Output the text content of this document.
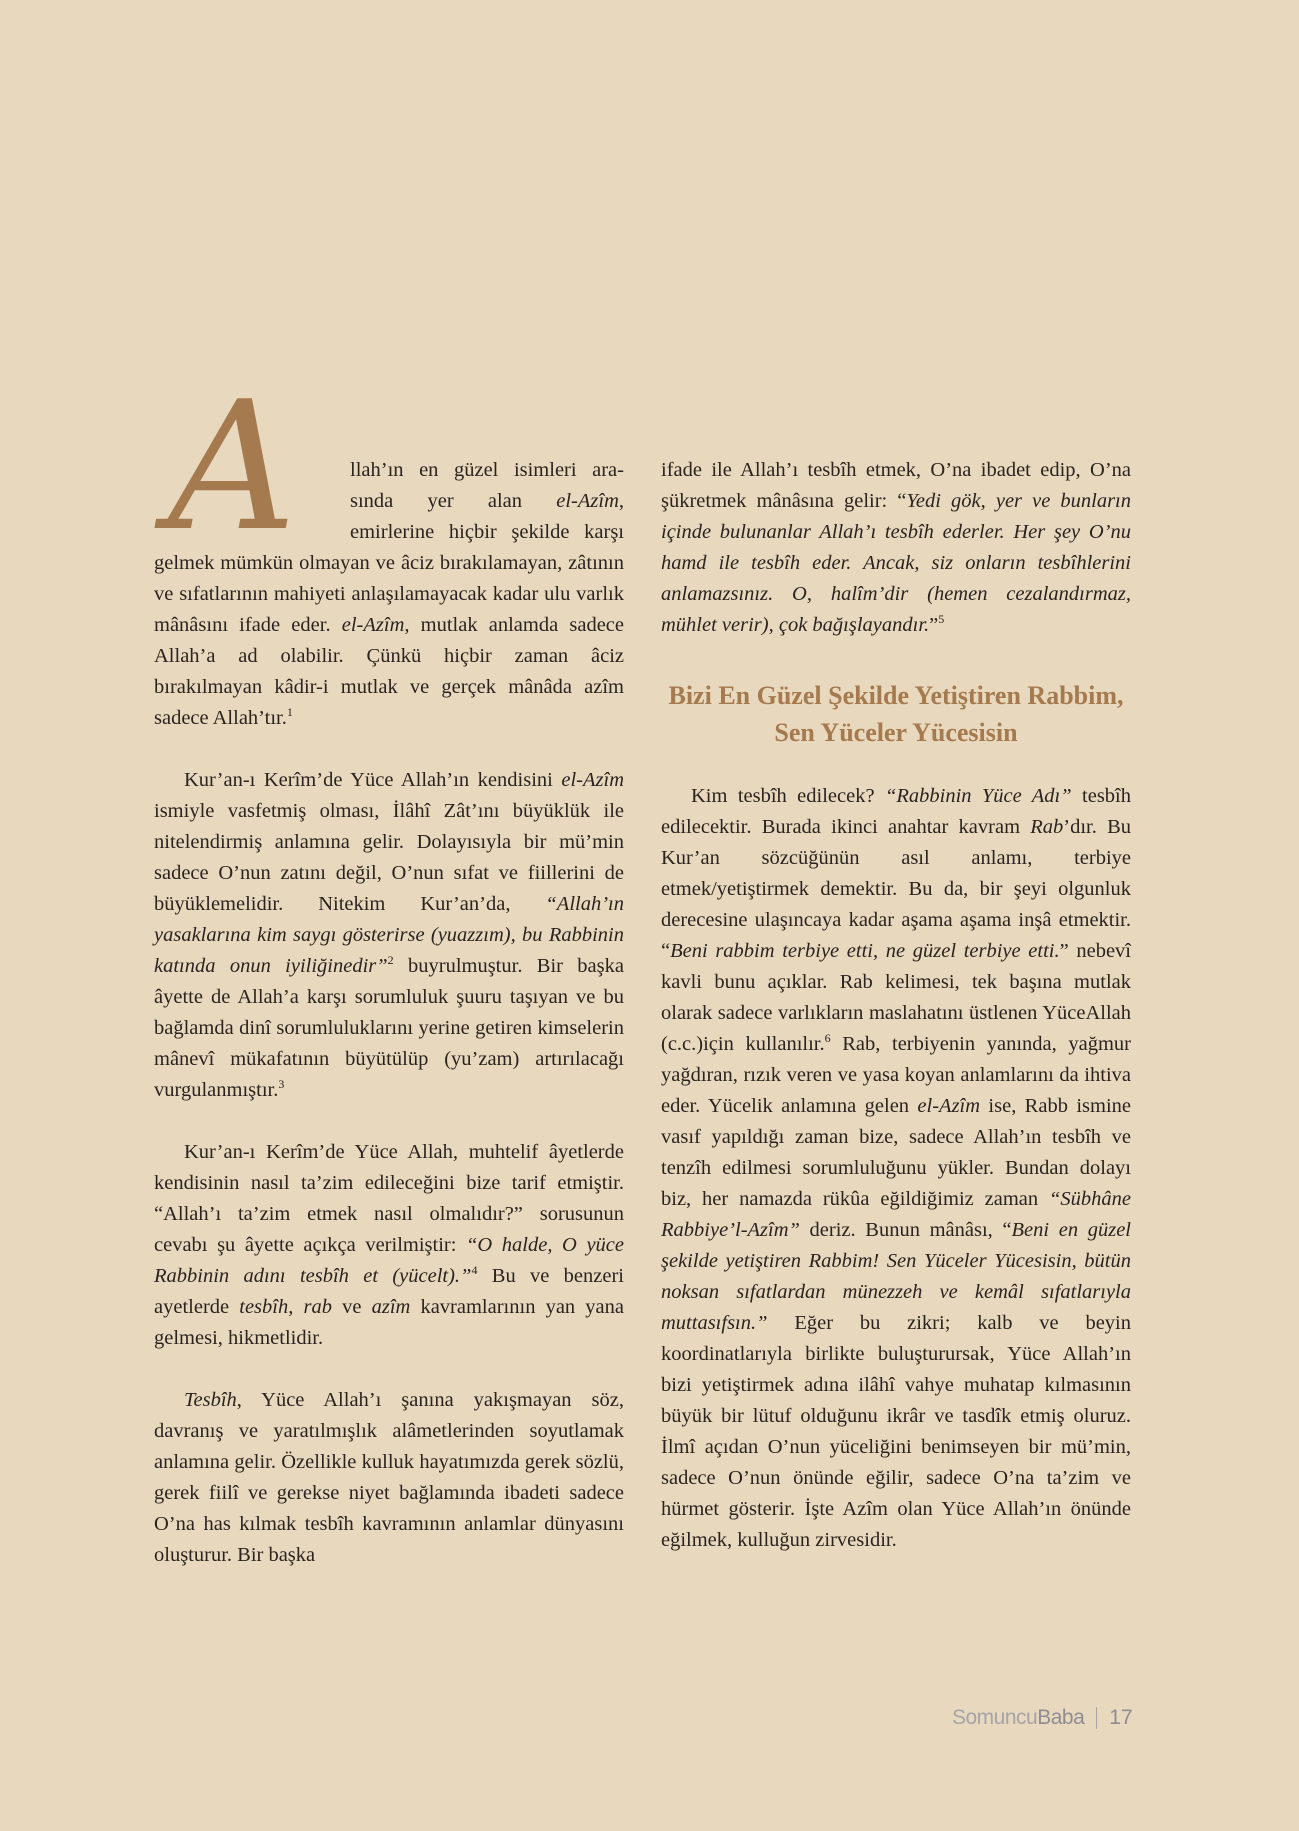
A	llah’ın en güzel isimleri ara-sında yer alan el-Azîm, emirlerine hiçbir şekilde karşı gelmek mümkün olmayan ve âciz bırakılamayan, zâtının ve sıfatlarının mahiyeti anlaşılamayacak kadar ulu varlık mânâsını ifade eder. el-Azîm, mutlak anlamda sadece Allah’a ad olabilir. Çünkü hiçbir zaman âciz bırakılmayan kâdir-i mutlak ve gerçek mânâda azîm sadece Allah’tır.$^1$

Kur’an-ı Kerîm’de Yüce Allah’ın kendisini el-Azîm ismiyle vasfetmiş olması, İlâhî Zât’ını büyüklük ile nitelendirmiş anlamına gelir. Dolayısıyla bir mü’min sadece O’nun zatını değil, O’nun sıfat ve fiillerini de büyüklemelidir. Nitekim Kur’an’da, “Allah’ın yasaklarına kim saygı gösterirse (yuazzım), bu Rabbinin katında onun iyiliğinedir”$^2$ buyrulmuştur. Bir başka âyette de Allah’a karşı sorumluluk şuuru taşıyan ve bu bağlamda dinî sorumluluklarını yerine getiren kimselerin mânevî mükafatının büyütülüp (yu’zam) artırılacağı vurgulanmıştır.$^3$

Kur’an-ı Kerîm’de Yüce Allah, muhtelif âyetlerde kendisinin nasıl ta’zim edileceğini bize tarif etmiştir. “Allah’ı ta’zim etmek nasıl olmalıdır?” sorusunun cevabı şu âyette açıkça verilmiştir: “O halde, O yüce Rabbinin adını tesbîh et (yücelt).”$^4$ Bu ve benzeri ayetlerde tesbîh, rab ve azîm kavramlarının yan yana gelmesi, hikmetlidir.

Tesbîh, Yüce Allah’ı şanına yakışmayan söz, davranış ve yaratılmışlık alâmetlerinden soyutlamak anlamına gelir. Özellikle kulluk hayatımızda gerek sözlü, gerek fiilî ve gerekse niyet bağlamında ibadeti sadece O’na has kılmak tesbîh kavramının anlamlar dünyasını oluşturur. Bir başka

ifade ile Allah’ı tesbîh etmek, O’na ibadet edip, O’na şükretmek mânâsına gelir: “Yedi gök, yer ve bunların içinde bulunanlar Allah’ı tesbîh ederler. Her şey O’nu hamd ile tesbîh eder. Ancak, siz onların tesbîhlerini anlamazsınız. O, halîm’dir (hemen cezalandırmaz, mühlet verir), çok bağışlayandır.”$^5$

Bizi En Güzel Şekilde Yetiştiren Rabbim, Sen Yüceler Yücesisin

Kim tesbîh edilecek? “Rabbinin Yüce Adı” tesbîh edilecektir. Burada ikinci anahtar kavram Rab’dır. Bu Kur’an sözcüğünün asıl anlamı, terbiye etmek/yetiştirmek demektir. Bu da, bir şeyi olgunluk derecesine ulaşıncaya kadar aşama aşama inşâ etmektir. “Beni rabbim terbiye etti, ne güzel terbiye etti.” nebevî kavli bunu açıklar. Rab kelimesi, tek başına mutlak olarak sadece varlıkların maslahatını üstlenen YüceAllah (c.c.)için kullanılır.$^6$ Rab, terbiyenin yanında, yağmur yağdıran, rızık veren ve yasa koyan anlamlarını da ihtiva eder. Yücelik anlamına gelen el-Azîm ise, Rabb ismine vasıf yapıldığı zaman bize, sadece Allah’ın tesbîh ve tenzîh edilmesi sorumluluğunu yükler. Bundan dolayı biz, her namazda rükûa eğildiğimiz zaman “Sübhâne Rabbiye’l-Azîm” deriz. Bunun mânâsı, “Beni en güzel şekilde yetiştiren Rabbim! Sen Yüceler Yücesisin, bütün noksan sıfatlardan münezzeh ve kemâl sıfatlarıyla muttasıfsın.” Eğer bu zikri; kalb ve beyin koordinatlarıyla birlikte buluşturursak, Yüce Allah’ın bizi yetiştirmek adına ilâhî vahye muhatap kılmasının büyük bir lütuf olduğunu ikrâr ve tasdîk etmiş oluruz. İlmî açıdan O’nun yüceliğini benimseyen bir mü’min, sadece O’nun önünde eğilir, sadece O’na ta’zim ve hürmet gösterir. İşte Azîm olan Yüce Allah’ın önünde eğilmek, kulluğun zirvesidir.

Somuncu Baba 17
